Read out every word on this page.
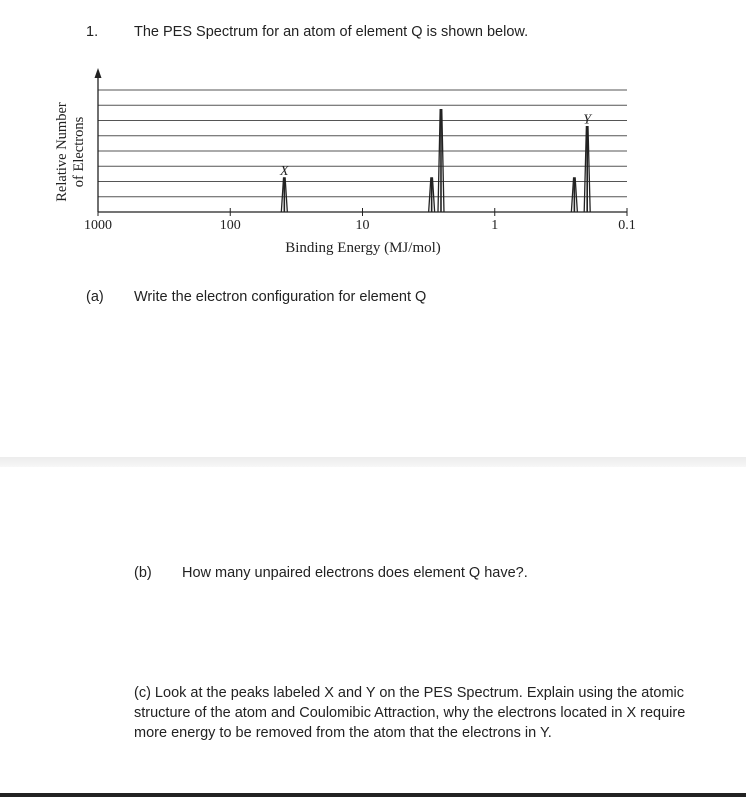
1. The PES Spectrum for an atom of element Q is shown below.
Relative Number of Electrons
1000	100	10	1	0.1
X
Y
Binding Energy (MJ/mol)
(a) Write the electron configuration for element Q
(b) How many unpaired electrons does element Q have?.
(c) Look at the peaks labeled X and Y on the PES Spectrum. Explain using the atomic structure of the atom and Coulomibic Attraction, why the electrons located in X require more energy to be removed from the atom that the electrons in Y.
